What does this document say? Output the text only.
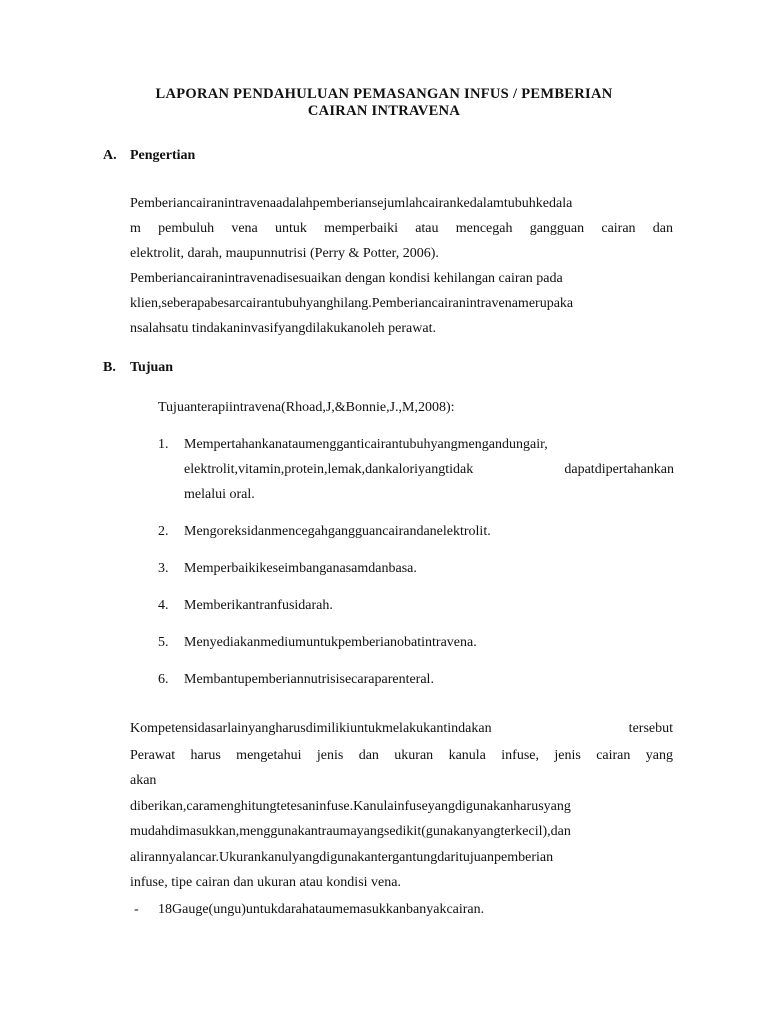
LAPORAN PENDAHULUAN PEMASANGAN INFUS / PEMBERIAN
CAIRAN INTRAVENA
A. Pengertian
Pemberiancairanintravenaadalahpemberiansejumlahcairankedalamtubuhkedala
m pembuluh vena untuk memperbaiki atau mencegah gangguan cairan dan
elektrolit, darah, maupunnutrisi (Perry & Potter, 2006).
Pemberiancairanintravenadisesuaikan dengan kondisi kehilangan cairan pada
klien,seberapabesarcairantubuhyanghilang.Pemberiancairanintravenamerupaka
nsalahsatu tindakaninvasifyangdilakukanoleh perawat.
B. Tujuan
Tujuanterapiintravena(Rhoad,J,&Bonnie,J.,M,2008):
1. Mempertahankanataumengganticairantubuhyangmengandungair,
elektrolit,vitamin,protein,lemak,dankaloriyangtidak dapatdipertahankan
melalui oral.
2. Mengoreksidanmencegahgangguancairandanelektrolit.
3. Memperbaikikeseimbanganasamdanbasa.
4. Memberikantranfusidarah.
5. Menyediakanmediumuntukpemberianobatintravena.
6. Membantupemberiannutrisisecaraparenteral.
Kompetensidasarlainyangharusdimilikiuntukmelakukantindakan tersebut
Perawat harus mengetahui jenis dan ukuran kanula infuse, jenis cairan yang
akan
diberikan,caramenghitungtetesaninfuse.Kanulainfuseyangdigunakanharusyang
mudahdimasukkan,menggunakantraumayangsedikit(gunakanyangterkecil),dan
alirannyalancar.Ukurankanulyangdigunakantergantungdaritujuanpemberian
infuse, tipe cairan dan ukuran atau kondisi vena.
- 18Gauge(ungu)untukdarahataumemasukkanbanyakcairan.
